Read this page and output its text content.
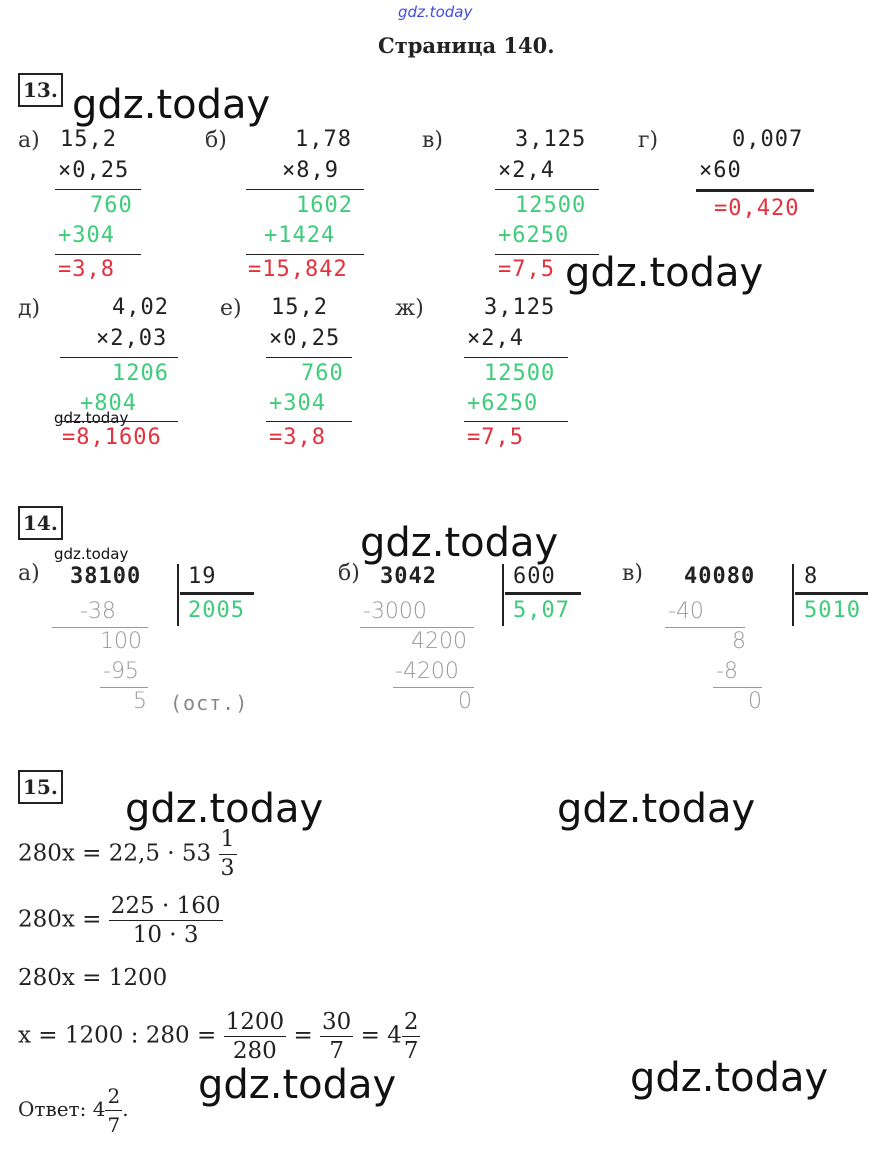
gdz.today
Страница 140.
13. gdz.today
а) 15,2
×0,25
760
+304
=3,8
б)	1,78
×8,9
1602
+1424
=15,842
в)	3,125
×2,4
12500
+6250
=7,5
г)	0,007
×60
=0,420
gdz.today
д)	4,02
×2,03
1206
+804
gdz.today
=8,1606
е) 15,2
×0,25
760
+304
=3,8
ж)	3,125
×2,4
12500
+6250
=7,5
14.	gdz.today
gdz.today
а) 38100 19
2005
-38
100
-95
5 (ост.)
б) 3042	600
5,07
-3000
4200
-4200
0
в) 40080 8
5010
-40
8
-8
0
15. gdz.today	gdz.today
$280x = 22,5 \cdot 53 \frac{1}{3}$
$280x = \frac{225 \cdot 160}{10 \cdot 3}$
280x = 1200
x = 1200 : $280 = \frac{1200}{280} = \frac{30}{7} = 4 \frac{2}{7}$
gdz.today
gdz.today
Ответ: $4 \frac{2}{7}$ .
